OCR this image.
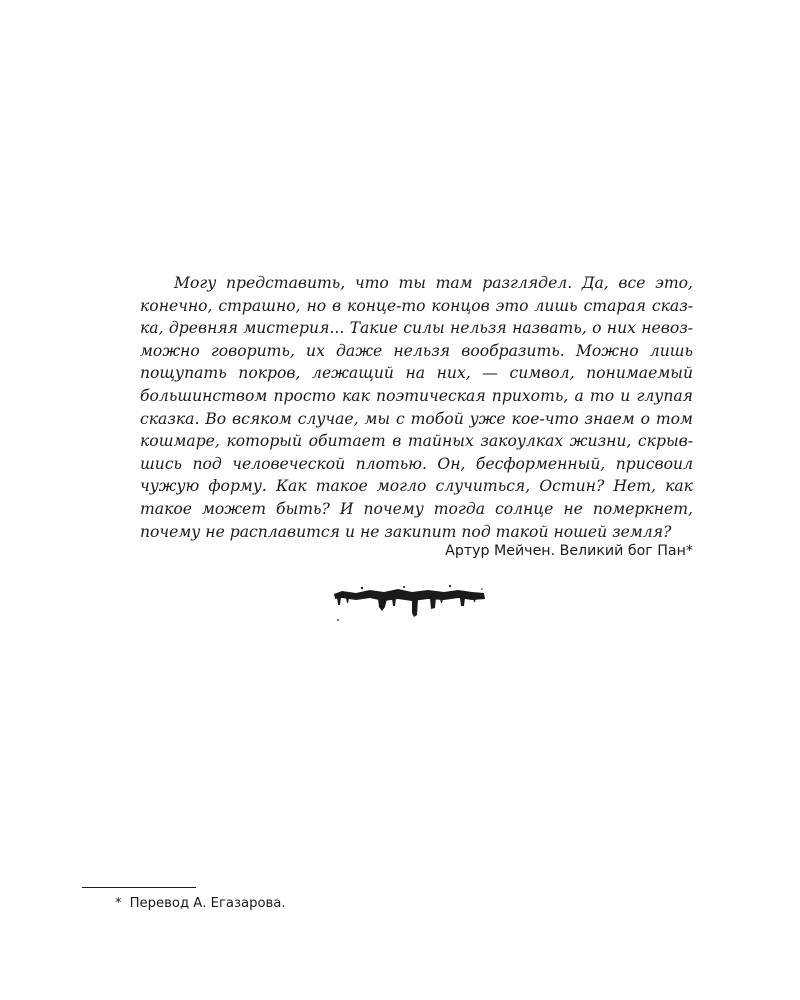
Могу представить, что ты там разглядел. Да, все это,
конечно, страшно, но в конце-то концов это лишь старая сказ-
ка, древняя мистерия... Такие силы нельзя назвать, о них невоз-
можно говорить, их даже нельзя вообразить. Можно лишь
пощупать покров, лежащий на них, — символ, понимаемый
большинством просто как поэтическая прихоть, а то и глупая
сказка. Во всяком случае, мы с тобой уже кое-что знаем о том
кошмаре, который обитает в тайных закоулках жизни, скрыв-
шись под человеческой плотью. Он, бесформенный, присвоил
чужую форму. Как такое могло случиться, Остин? Нет, как
такое может быть? И почему тогда солнце не померкнет,
почему не расплавится и не закипит под такой ношей земля?
Артур Мейчен. Великий бог Пан*
* Перевод А. Егазарова.
